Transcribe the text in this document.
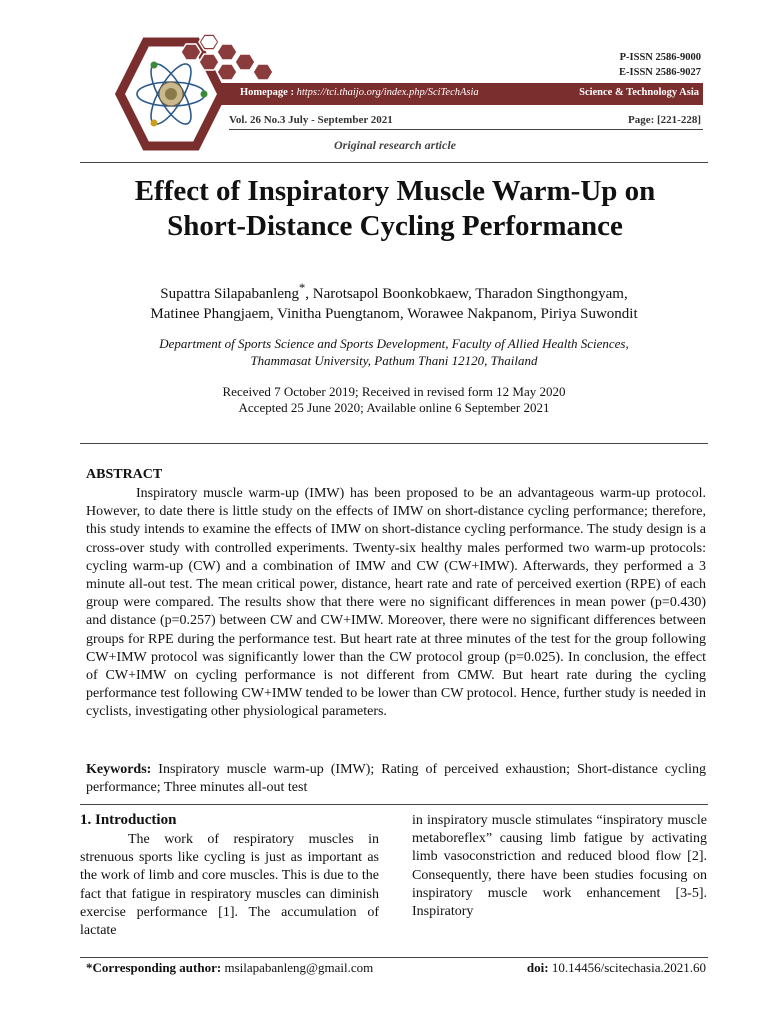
P-ISSN 2586-9000
E-ISSN 2586-9027
Homepage : https://tci.thaijo.org/index.php/SciTechAsia	Science & Technology Asia
Vol. 26 No.3 July - September 2021	Page: [221-228]
Original research article
Effect of Inspiratory Muscle Warm-Up on
Short-Distance Cycling Performance
Supattra Silapabanleng*, Narotsapol Boonkobkaew, Tharadon Singthongyam,
Matinee Phangjaem, Vinitha Puengtanom, Worawee Nakpanom, Piriya Suwondit
Department of Sports Science and Sports Development, Faculty of Allied Health Sciences,
Thammasat University, Pathum Thani 12120, Thailand
Received 7 October 2019; Received in revised form 12 May 2020
Accepted 25 June 2020; Available online 6 September 2021
ABSTRACT

Inspiratory muscle warm-up (IMW) has been proposed to be an advantageous warm-up protocol. However, to date there is little study on the effects of IMW on short-distance cycling performance; therefore, this study intends to examine the effects of IMW on short-distance cycling performance. The study design is a cross-over study with controlled experiments. Twenty-six healthy males performed two warm-up protocols: cycling warm-up (CW) and a combination of IMW and CW (CW+IMW). Afterwards, they performed a 3 minute all-out test. The mean critical power, distance, heart rate and rate of perceived exertion (RPE) of each group were compared. The results show that there were no significant differences in mean power (p=0.430) and distance (p=0.257) between CW and CW+IMW. Moreover, there were no significant differences between groups for RPE during the performance test. But heart rate at three minutes of the test for the group following CW+IMW protocol was significantly lower than the CW protocol group (p=0.025). In conclusion, the effect of CW+IMW on cycling performance is not different from CMW. But heart rate during the cycling performance test following CW+IMW tended to be lower than CW protocol. Hence, further study is needed in cyclists, investigating other physiological parameters.

Keywords: Inspiratory muscle warm-up (IMW); Rating of perceived exhaustion; Short-distance cycling performance; Three minutes all-out test
1. Introduction

The work of respiratory muscles in strenuous sports like cycling is just as important as the work of limb and core muscles. This is due to the fact that fatigue in respiratory muscles can diminish exercise performance [1]. The accumulation of lactate

in inspiratory muscle stimulates “inspiratory muscle metaboreflex” causing limb fatigue by activating limb vasoconstriction and reduced blood flow [2]. Consequently, there have been studies focusing on inspiratory muscle work enhancement [3-5]. Inspiratory

*Corresponding author: msilapabanleng@gmail.com	doi: 10.14456/scitechasia.2021.60
